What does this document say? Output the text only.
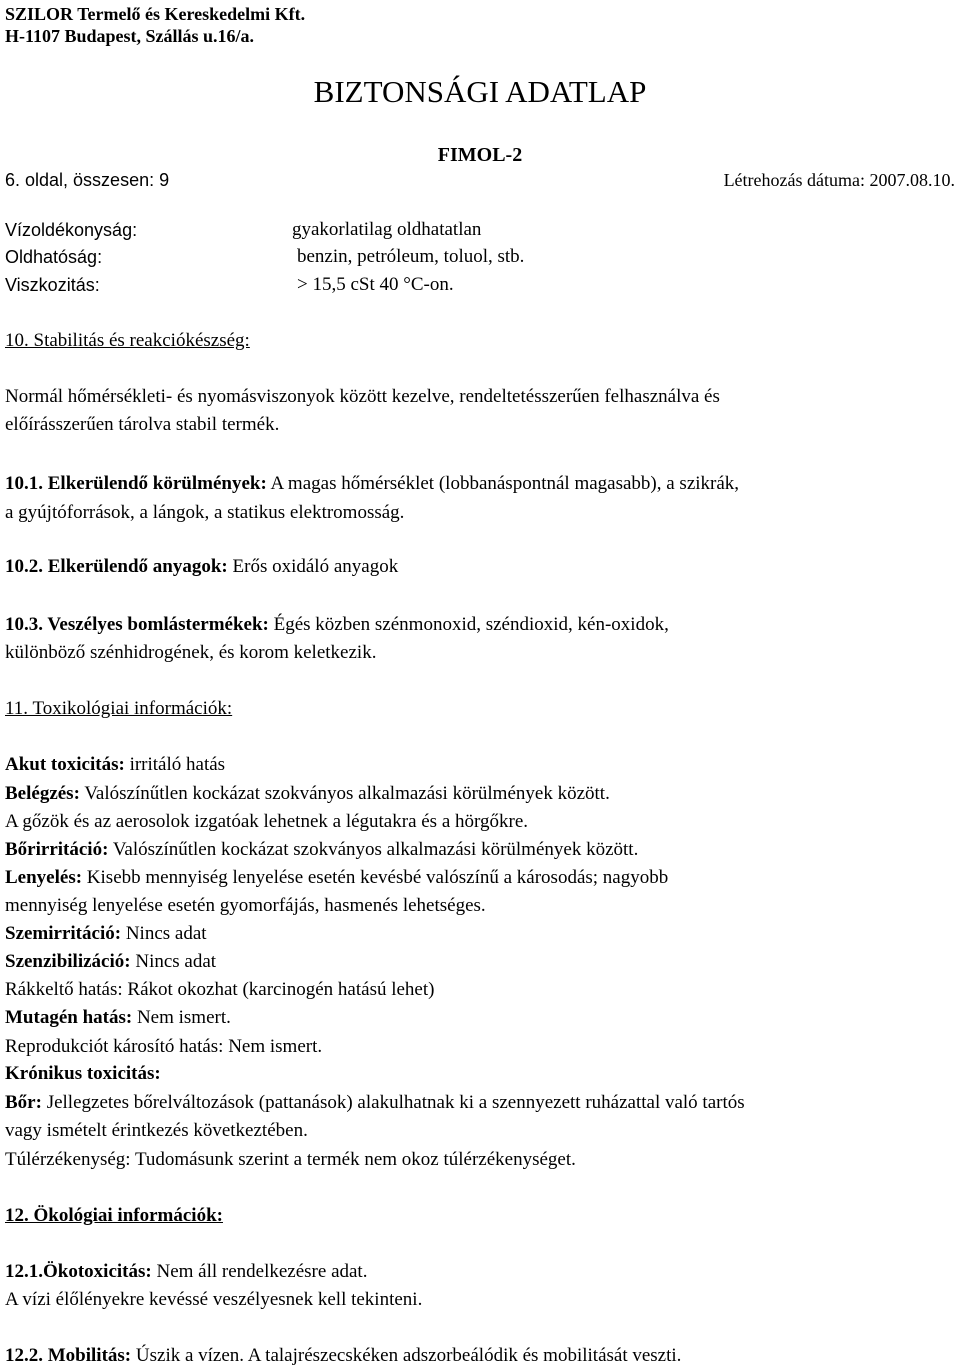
SZILOR Termelő és Kereskedelmi Kft.
H-1107 Budapest, Szállás u.16/a.
BIZTONSÁGI ADATLAP
FIMOL-2
6. oldal, összesen: 9	Létrehozás dátuma: 2007.08.10.
Vízoldékonyság:	gyakorlatilag oldhatatlan
Oldhatóság:	benzin, petróleum, toluol, stb.
Viszkozitás:	> 15,5 cSt 40 °C-on.
10. Stabilitás és reakciókészség:
Normál hőmérsékleti- és nyomásviszonyok között kezelve, rendeltetésszerűen felhasználva és
előírásszerűen tárolva stabil termék.
10.1. Elkerülendő körülmények: A magas hőmérséklet (lobbanáspontnál magasabb), a szikrák,
a gyújtóforrások, a lángok, a statikus elektromosság.
10.2. Elkerülendő anyagok: Erős oxidáló anyagok
10.3. Veszélyes bomlástermékek: Égés közben szénmonoxid, széndioxid, kén-oxidok,
különböző szénhidrogének, és korom keletkezik.
11. Toxikológiai információk:
Akut toxicitás: irritáló hatás
Belégzés: Valószínűtlen kockázat szokványos alkalmazási körülmények között.
A gőzök és az aerosolok izgatóak lehetnek a légutakra és a hörgőkre.
Bőrirritáció: Valószínűtlen kockázat szokványos alkalmazási körülmények között.
Lenyelés: Kisebb mennyiség lenyelése esetén kevésbé valószínű a károsodás; nagyobb
mennyiség lenyelése esetén gyomorfájás, hasmenés lehetséges.
Szemirritáció: Nincs adat
Szenzibilizáció: Nincs adat
Rákkeltő hatás: Rákot okozhat (karcinogén hatású lehet)
Mutagén hatás: Nem ismert.
Reprodukciót károsító hatás: Nem ismert.
Krónikus toxicitás:
Bőr: Jellegzetes bőrelváltozások (pattanások) alakulhatnak ki a szennyezett ruházattal való tartós
vagy ismételt érintkezés következtében.
Túlérzékenység: Tudomásunk szerint a termék nem okoz túlérzékenységet.
12. Ökológiai információk:
12.1.Ökotoxicitás: Nem áll rendelkezésre adat.
A vízi élőlényekre kevéssé veszélyesnek kell tekinteni.
12.2. Mobilitás: Úszik a vízen. A talajrészecskéken adszorbeálódik és mobilitását veszti.
